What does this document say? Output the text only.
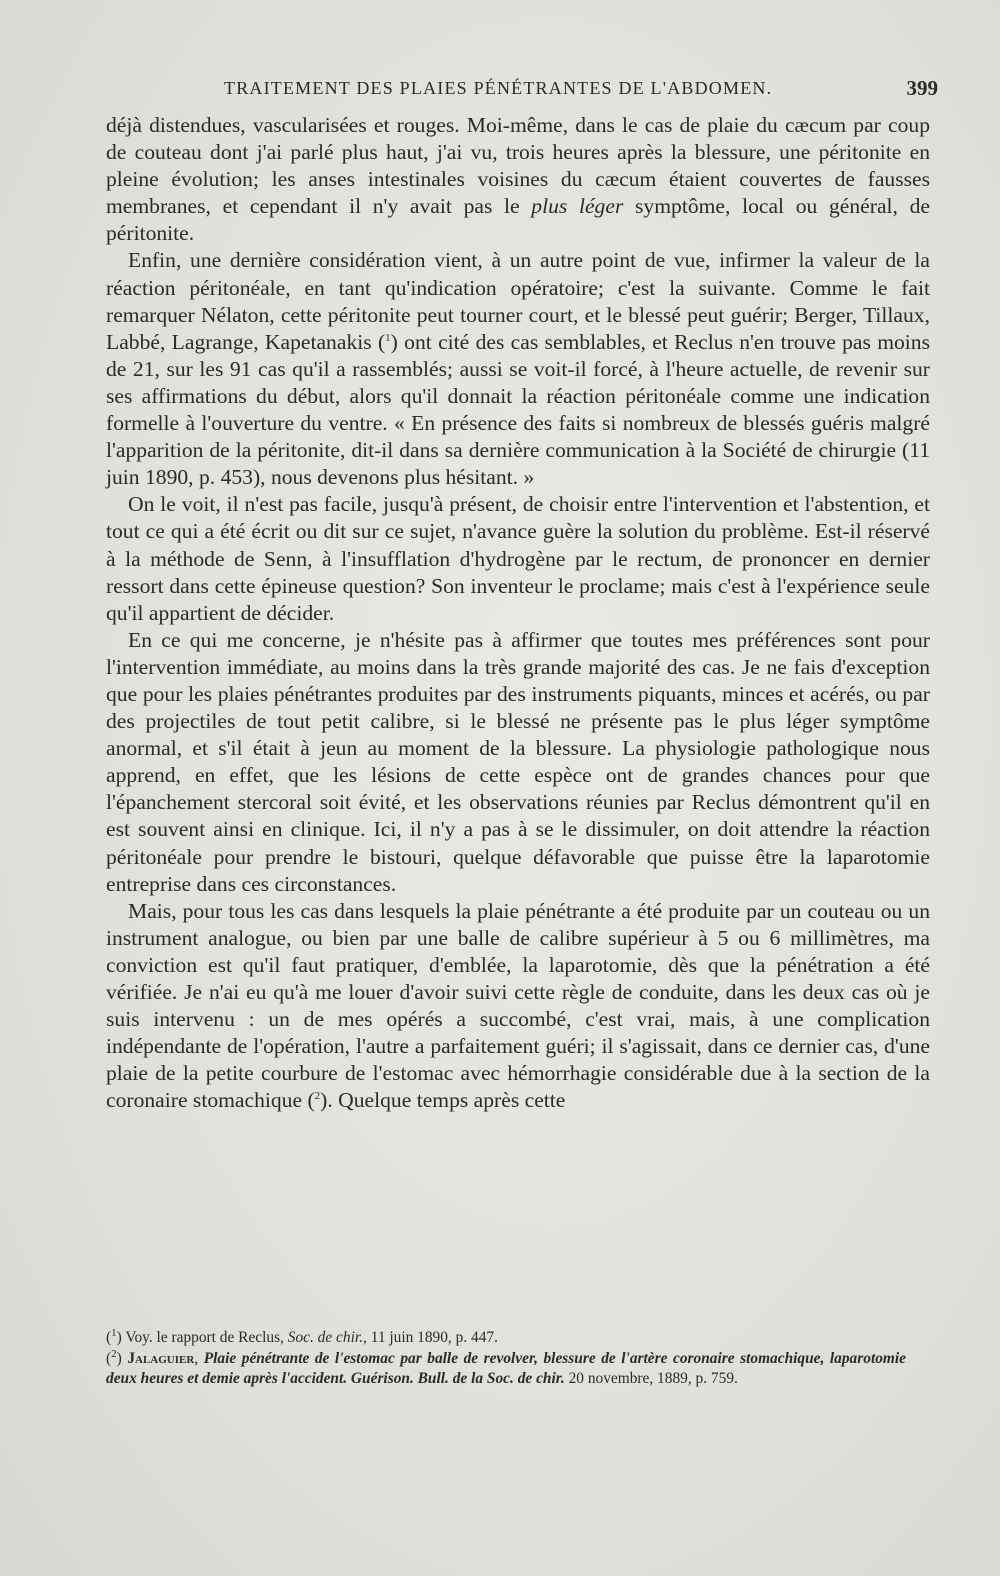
TRAITEMENT DES PLAIES PÉNÉTRANTES DE L'ABDOMEN.	399

déjà distendues, vascularisées et rouges. Moi-même, dans le cas de plaie du cæcum par coup de couteau dont j'ai parlé plus haut, j'ai vu, trois heures après la blessure, une péritonite en pleine évolution; les anses intestinales voisines du cæcum étaient couvertes de fausses membranes, et cependant il n'y avait pas le plus léger symptôme, local ou général, de péritonite.

Enfin, une dernière considération vient, à un autre point de vue, infirmer la valeur de la réaction péritonéale, en tant qu'indication opératoire; c'est la suivante. Comme le fait remarquer Nélaton, cette péritonite peut tourner court, et le blessé peut guérir; Berger, Tillaux, Labbé, Lagrange, Kapetanakis ($^1$) ont cité des cas semblables, et Reclus n'en trouve pas moins de 21, sur les 91 cas qu'il a rassemblés; aussi se voit-il forcé, à l'heure actuelle, de revenir sur ses affirmations du début, alors qu'il donnait la réaction péritonéale comme une indication formelle à l'ouverture du ventre. « En présence des faits si nombreux de blessés guéris malgré l'apparition de la péritonite, dit-il dans sa dernière communication à la Société de chirurgie (11 juin 1890, p. 453), nous devenons plus hésitant. »

On le voit, il n'est pas facile, jusqu'à présent, de choisir entre l'intervention et l'abstention, et tout ce qui a été écrit ou dit sur ce sujet, n'avance guère la solution du problème. Est-il réservé à la méthode de Senn, à l'insufflation d'hydrogène par le rectum, de prononcer en dernier ressort dans cette épineuse question? Son inventeur le proclame; mais c'est à l'expérience seule qu'il appartient de décider.

En ce qui me concerne, je n'hésite pas à affirmer que toutes mes préférences sont pour l'intervention immédiate, au moins dans la très grande majorité des cas. Je ne fais d'exception que pour les plaies pénétrantes produites par des instruments piquants, minces et acérés, ou par des projectiles de tout petit calibre, si le blessé ne présente pas le plus léger symptôme anormal, et s'il était à jeun au moment de la blessure. La physiologie pathologique nous apprend, en effet, que les lésions de cette espèce ont de grandes chances pour que l'épanchement stercoral soit évité, et les observations réunies par Reclus démontrent qu'il en est souvent ainsi en clinique. Ici, il n'y a pas à se le dissimuler, on doit attendre la réaction péritonéale pour prendre le bistouri, quelque défavorable que puisse être la laparotomie entreprise dans ces circonstances.

Mais, pour tous les cas dans lesquels la plaie pénétrante a été produite par un couteau ou un instrument analogue, ou bien par une balle de calibre supérieur à 5 ou 6 millimètres, ma conviction est qu'il faut pratiquer, d'emblée, la laparotomie, dès que la pénétration a été vérifiée. Je n'ai eu qu'à me louer d'avoir suivi cette règle de conduite, dans les deux cas où je suis intervenu : un de mes opérés a succombé, c'est vrai, mais, à une complication indépendante de l'opération, l'autre a parfaitement guéri; il s'agissait, dans ce dernier cas, d'une plaie de la petite courbure de l'estomac avec hémorrhagie considérable due à la section de la coronaire stomachique ($^2$). Quelque temps après cette

($^1$) Voy. le rapport de Reclus, Soc. de chir., 11 juin 1890, p. 447.

($^2$) Jalaguier, Plaie pénétrante de l'estomac par balle de revolver, blessure de l'artère coronaire stomachique, laparotomie deux heures et demie après l'accident. Guérison. Bull. de la Soc. de chir. 20 novembre, 1889, p. 759.
